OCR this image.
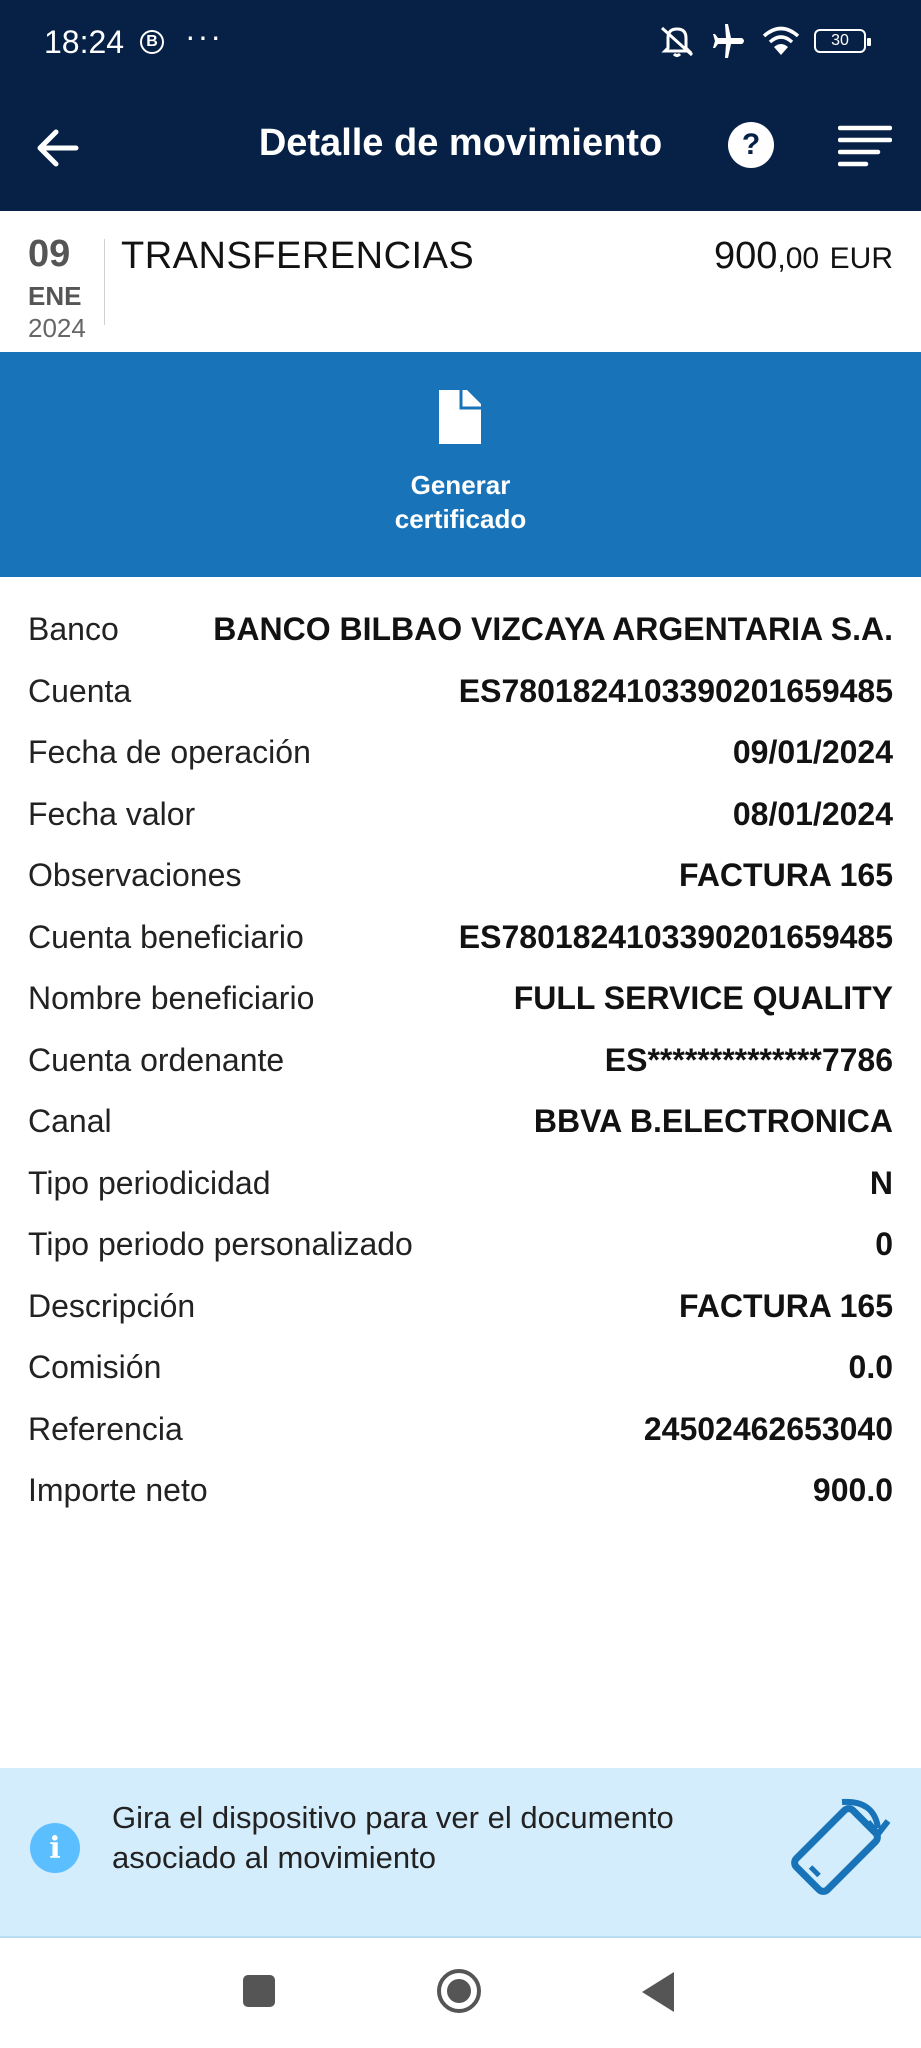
18:24	B ···	30
Detalle de movimiento	?
09
ENE
2024
TRANSFERENCIAS	900,00 EUR
Generar
certificado
Banco	BANCO BILBAO VIZCAYA ARGENTARIA S.A.
Cuenta	ES7801824103390201659485
Fecha de operación	09/01/2024
Fecha valor	08/01/2024
Observaciones	FACTURA 165
Cuenta beneficiario	ES7801824103390201659485
Nombre beneficiario	FULL SERVICE QUALITY
Cuenta ordenante	ES**************7786
Canal	BBVA B.ELECTRONICA
Tipo periodicidad	N
Tipo periodo personalizado	0
Descripción	FACTURA 165
Comisión	0.0
Referencia	24502462653040
Importe neto	900.0
i
Gira el dispositivo para ver el documento asociado al movimiento
